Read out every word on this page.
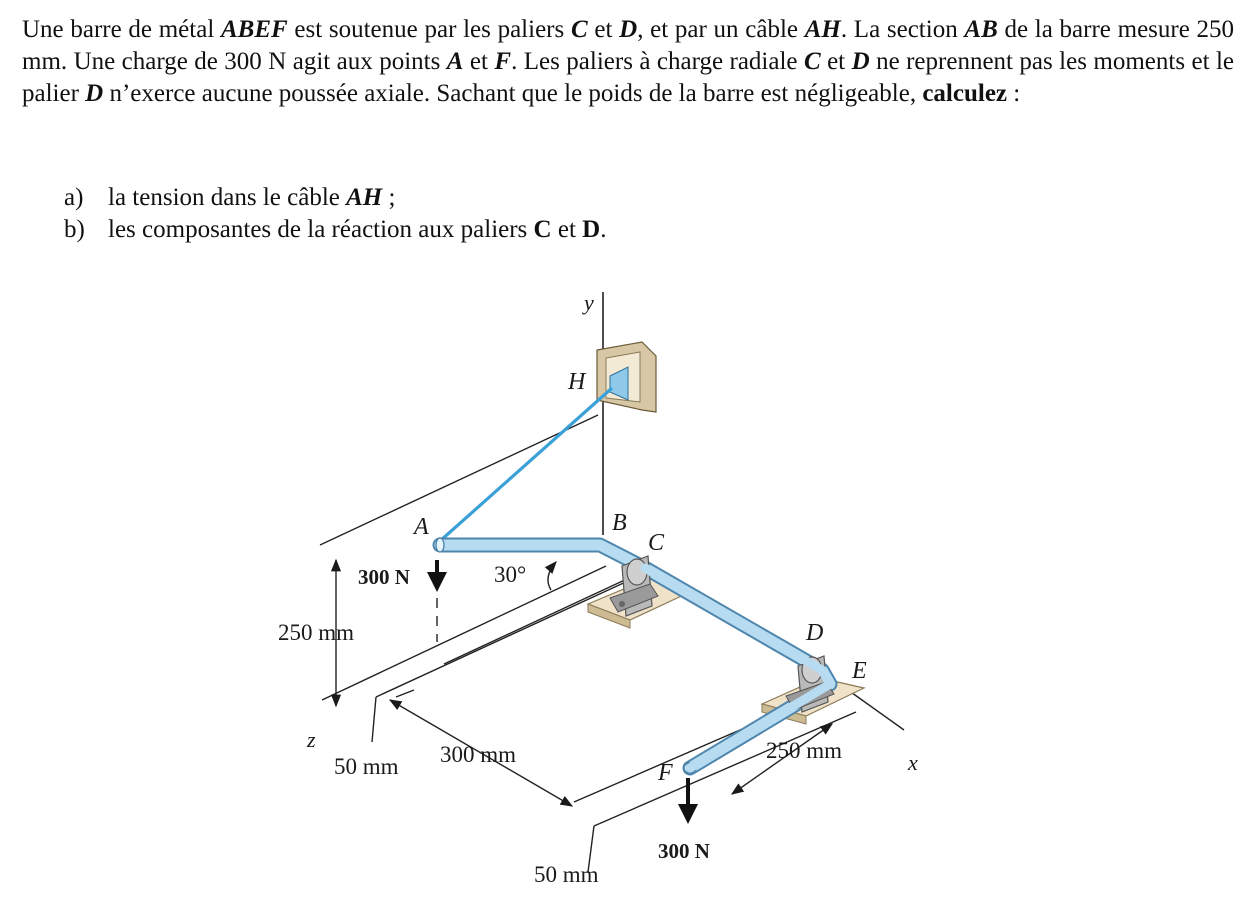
Une barre de métal ABEF est soutenue par les paliers C et D, et par un câble AH. La section AB de la barre mesure 250 mm. Une charge de 300 N agit aux points A et F. Les paliers à charge radiale C et D ne reprennent pas les moments et le palier D n’exerce aucune poussée axiale. Sachant que le poids de la barre est négligeable, calculez :

a) la tension dans le câble AH ;
b) les composantes de la réaction aux paliers C et D.
y
H
A	B
C
D
E
F	x
z
300 N
300 N
30°
250 mm
50 mm 300 mm
50 mm
250 mm
